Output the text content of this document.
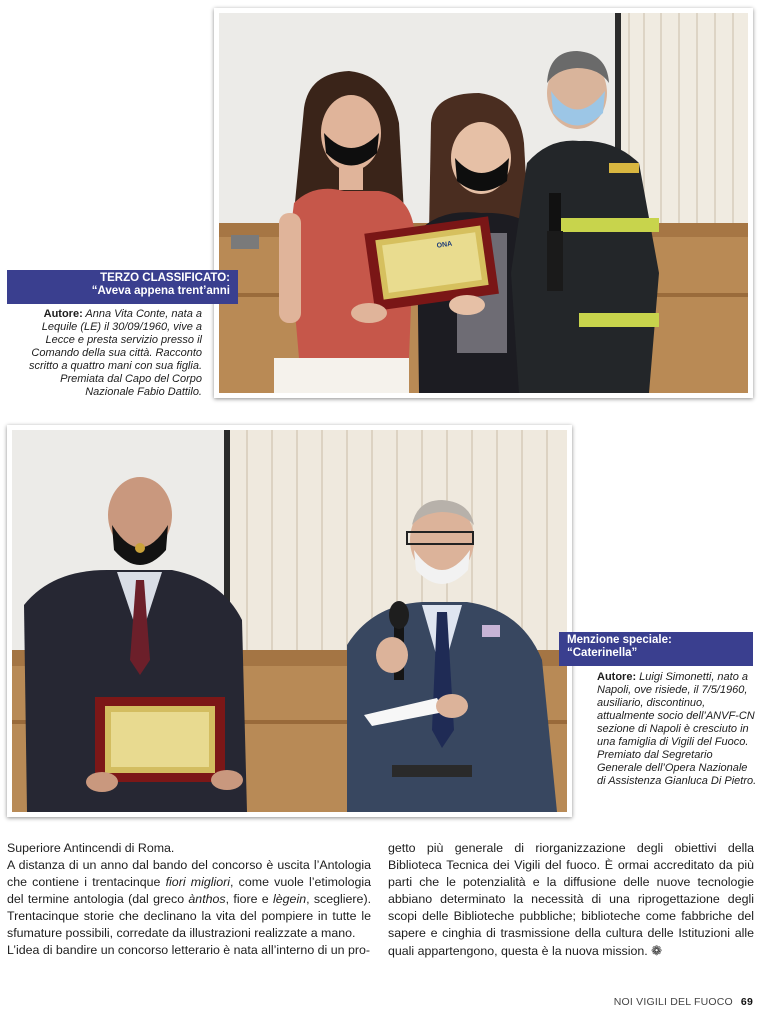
ONA
TERZO CLASSIFICATO:
“Aveva appena trent’anni
Autore: Anna Vita Conte, nata a Lequile (LE) il 30/09/1960, vive a Lecce e presta servizio presso il Comando della sua città. Racconto scritto a quattro mani con sua figlia. Premiata dal Capo del Corpo Nazionale Fabio Dattilo.
Menzione speciale:
“Caterinella”
Autore: Luigi Simonetti, nato a Napoli, ove risiede, il 7/5/1960, ausiliario, discontinuo, attualmente socio dell’ANVF-CN sezione di Napoli è cresciuto in una famiglia di Vigili del Fuoco. Premiato dal Segretario Generale dell’Opera Nazionale di Assistenza Gianluca Di Pietro.

Superiore Antincendi di Roma.

A distanza di un anno dal bando del concorso è uscita l’Antologia che contiene i trentacinque fiori migliori, come vuole l’etimologia del termine antologia (dal greco ànthos, fiore e lègein, scegliere). Trentacinque storie che declinano la vita del pompiere in tutte le sfumature possibili, corredate da illustrazioni realizzate a mano.

L’idea di bandire un concorso letterario è nata all’interno di un pro-

getto più generale di riorganizzazione degli obiettivi della Biblioteca Tecnica dei Vigili del fuoco. È ormai accreditato da più parti che le potenzialità e la diffusione delle nuove tecnologie abbiano determinato la necessità di una riprogettazione degli scopi delle Biblioteche pubbliche; biblioteche come fabbriche del sapere e cinghia di trasmissione della cultura delle Istituzioni alle quali appartengono, questa è la nuova mission. ❁

NOI VIGILI DEL FUOCO 69
